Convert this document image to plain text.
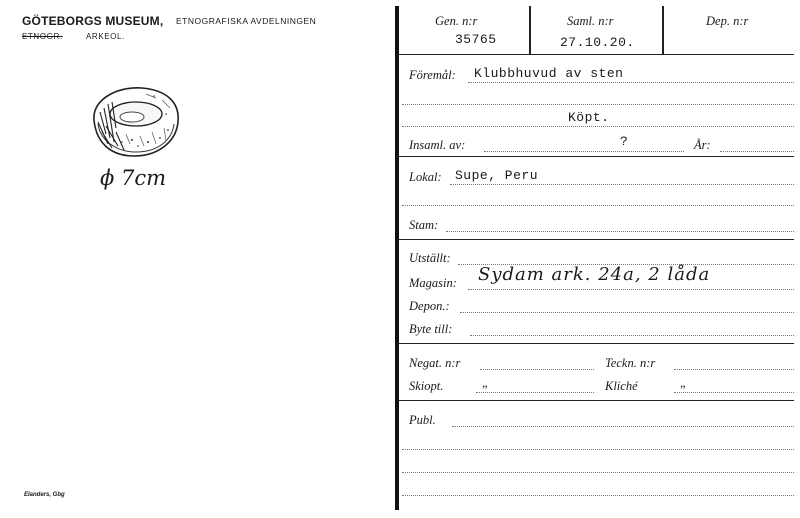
GÖTEBORGS MUSEUM, ETNOGRAFISKA AVDELNINGEN
ETNOGR.	ARKEOL.
ϕ 7cm
Elanders, Gbg
Gen. n:r
35765
Saml. n:r
27.10.20.
Dep. n:r
Föremål: Klubbhuvud av sten
Köpt.
Insaml. av:	?	År:
Lokal: Supe, Peru
Stam:
Utställt:
Magasin: Sydam ark. 24a, 2 låda
Depon.:
Byte till:
Negat. n:r	Teckn. n:r
Skiopt.	„	Kliché	„
Publ.
